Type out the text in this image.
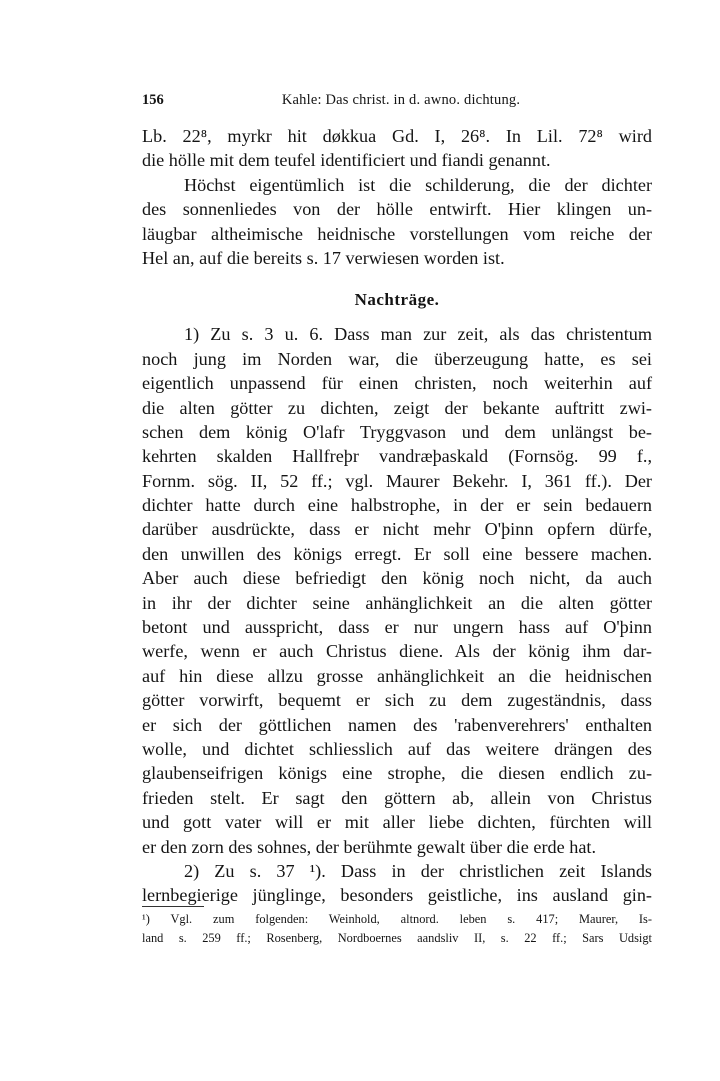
156	Kahle: Das christ. in d. awno. dichtung.
Lb. 22⁸, myrkr hit døkkua Gd. I, 26⁸. In Lil. 72⁸ wird
die hölle mit dem teufel identificiert und fiandi genannt.
Höchst eigentümlich ist die schilderung, die der dichter
des sonnenliedes von der hölle entwirft. Hier klingen un-
läugbar altheimische heidnische vorstellungen vom reiche der
Hel an, auf die bereits s. 17 verwiesen worden ist.
Nachträge.
1) Zu s. 3 u. 6. Dass man zur zeit, als das christentum
noch jung im Norden war, die überzeugung hatte, es sei
eigentlich unpassend für einen christen, noch weiterhin auf
die alten götter zu dichten, zeigt der bekante auftritt zwi-
schen dem könig O'lafr Tryggvason und dem unlängst be-
kehrten skalden Hallfreþr vandræþaskald (Fornsög. 99 f.,
Fornm. sög. II, 52 ff.; vgl. Maurer Bekehr. I, 361 ff.). Der
dichter hatte durch eine halbstrophe, in der er sein bedauern
darüber ausdrückte, dass er nicht mehr O'þinn opfern dürfe,
den unwillen des königs erregt. Er soll eine bessere machen.
Aber auch diese befriedigt den könig noch nicht, da auch
in ihr der dichter seine anhänglichkeit an die alten götter
betont und ausspricht, dass er nur ungern hass auf O'þinn
werfe, wenn er auch Christus diene. Als der könig ihm dar-
auf hin diese allzu grosse anhänglichkeit an die heidnischen
götter vorwirft, bequemt er sich zu dem zugeständnis, dass
er sich der göttlichen namen des 'rabenverehrers' enthalten
wolle, und dichtet schliesslich auf das weitere drängen des
glaubenseifrigen königs eine strophe, die diesen endlich zu-
frieden stelt. Er sagt den göttern ab, allein von Christus
und gott vater will er mit aller liebe dichten, fürchten will
er den zorn des sohnes, der berühmte gewalt über die erde hat.
2) Zu s. 37 ¹). Dass in der christlichen zeit Islands
lernbegierige jünglinge, besonders geistliche, ins ausland gin-
¹) Vgl. zum folgenden: Weinhold, altnord. leben s. 417; Maurer, Is-
land s. 259 ff.; Rosenberg, Nordboernes aandsliv II, s. 22 ff.; Sars Udsigt
